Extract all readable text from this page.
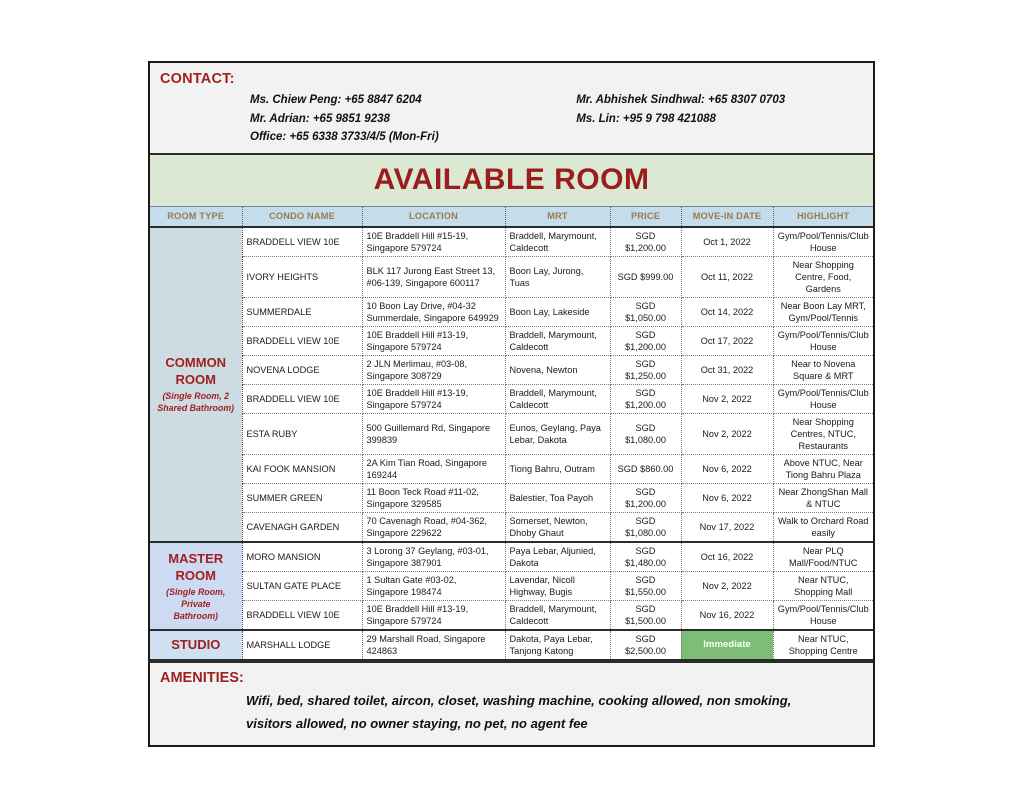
CONTACT:
Ms. Chiew Peng: +65 8847 6204
Mr. Adrian: +65 9851 9238
Office: +65 6338 3733/4/5 (Mon-Fri)
Mr. Abhishek Sindhwal: +65 8307 0703
Ms. Lin: +95 9 798 421088
AVAILABLE ROOM
ROOM TYPE	CONDO NAME	LOCATION	MRT	PRICE	MOVE-IN DATE	HIGHLIGHT

COMMON
ROOM
(Single Room, 2
Shared Bathroom)	BRADDELL VIEW 10E	10E Braddell Hill #15-19, Singapore 579724	Braddell, Marymount, Caldecott	SGD $1,200.00	Oct 1, 2022	Gym/Pool/Tennis/Club House
	IVORY HEIGHTS	BLK 117 Jurong East Street 13, #06-139, Singapore 600117	Boon Lay, Jurong, Tuas	SGD $999.00	Oct 11, 2022	Near Shopping Centre, Food, Gardens
	SUMMERDALE	10 Boon Lay Drive, #04-32 Summerdale, Singapore 649929	Boon Lay, Lakeside	SGD $1,050.00	Oct 14, 2022	Near Boon Lay MRT, Gym/Pool/Tennis
	BRADDELL VIEW 10E	10E Braddell Hill #13-19, Singapore 579724	Braddell, Marymount, Caldecott	SGD $1,200.00	Oct 17, 2022	Gym/Pool/Tennis/Club House
	NOVENA LODGE	2 JLN Merlimau, #03-08, Singapore 308729	Novena, Newton	SGD $1,250.00	Oct 31, 2022	Near to Novena Square & MRT
	BRADDELL VIEW 10E	10E Braddell Hill #13-19, Singapore 579724	Braddell, Marymount, Caldecott	SGD $1,200.00	Nov 2, 2022	Gym/Pool/Tennis/Club House
	ESTA RUBY	500 Guillemard Rd, Singapore 399839	Eunos, Geylang, Paya Lebar, Dakota	SGD $1,080.00	Nov 2, 2022	Near Shopping Centres, NTUC, Restaurants
	KAI FOOK MANSION	2A Kim Tian Road, Singapore 169244	Tiong Bahru, Outram	SGD $860.00	Nov 6, 2022	Above NTUC, Near Tiong Bahru Plaza
	SUMMER GREEN	11 Boon Teck Road #11-02, Singapore 329585	Balestier, Toa Payoh	SGD $1,200.00	Nov 6, 2022	Near ZhongShan Mall & NTUC
	CAVENAGH GARDEN	70 Cavenagh Road, #04-362, Singapore 229622	Somerset, Newton, Dhoby Ghaut	SGD $1,080.00	Nov 17, 2022	Walk to Orchard Road easily

MASTER ROOM
(Single Room, Private
Bathroom)	MORO MANSION	3 Lorong 37 Geylang, #03-01, Singapore 387901	Paya Lebar, Aljunied, Dakota	SGD $1,480.00	Oct 16, 2022	Near PLQ Mall/Food/NTUC
	SULTAN GATE PLACE	1 Sultan Gate #03-02, Singapore 198474	Lavendar, Nicoll Highway, Bugis	SGD $1,550.00	Nov 2, 2022	Near NTUC, Shopping Mall
	BRADDELL VIEW 10E	10E Braddell Hill #13-19, Singapore 579724	Braddell, Marymount, Caldecott	SGD $1,500.00	Nov 16, 2022	Gym/Pool/Tennis/Club House

STUDIO	MARSHALL LODGE	29 Marshall Road, Singapore 424863	Dakota, Paya Lebar, Tanjong Katong	SGD $2,500.00	Immediate	Near NTUC, Shopping Centre
AMENITIES:
Wifi, bed, shared toilet, aircon, closet, washing machine, cooking allowed, non smoking,
visitors allowed, no owner staying, no pet, no agent fee
